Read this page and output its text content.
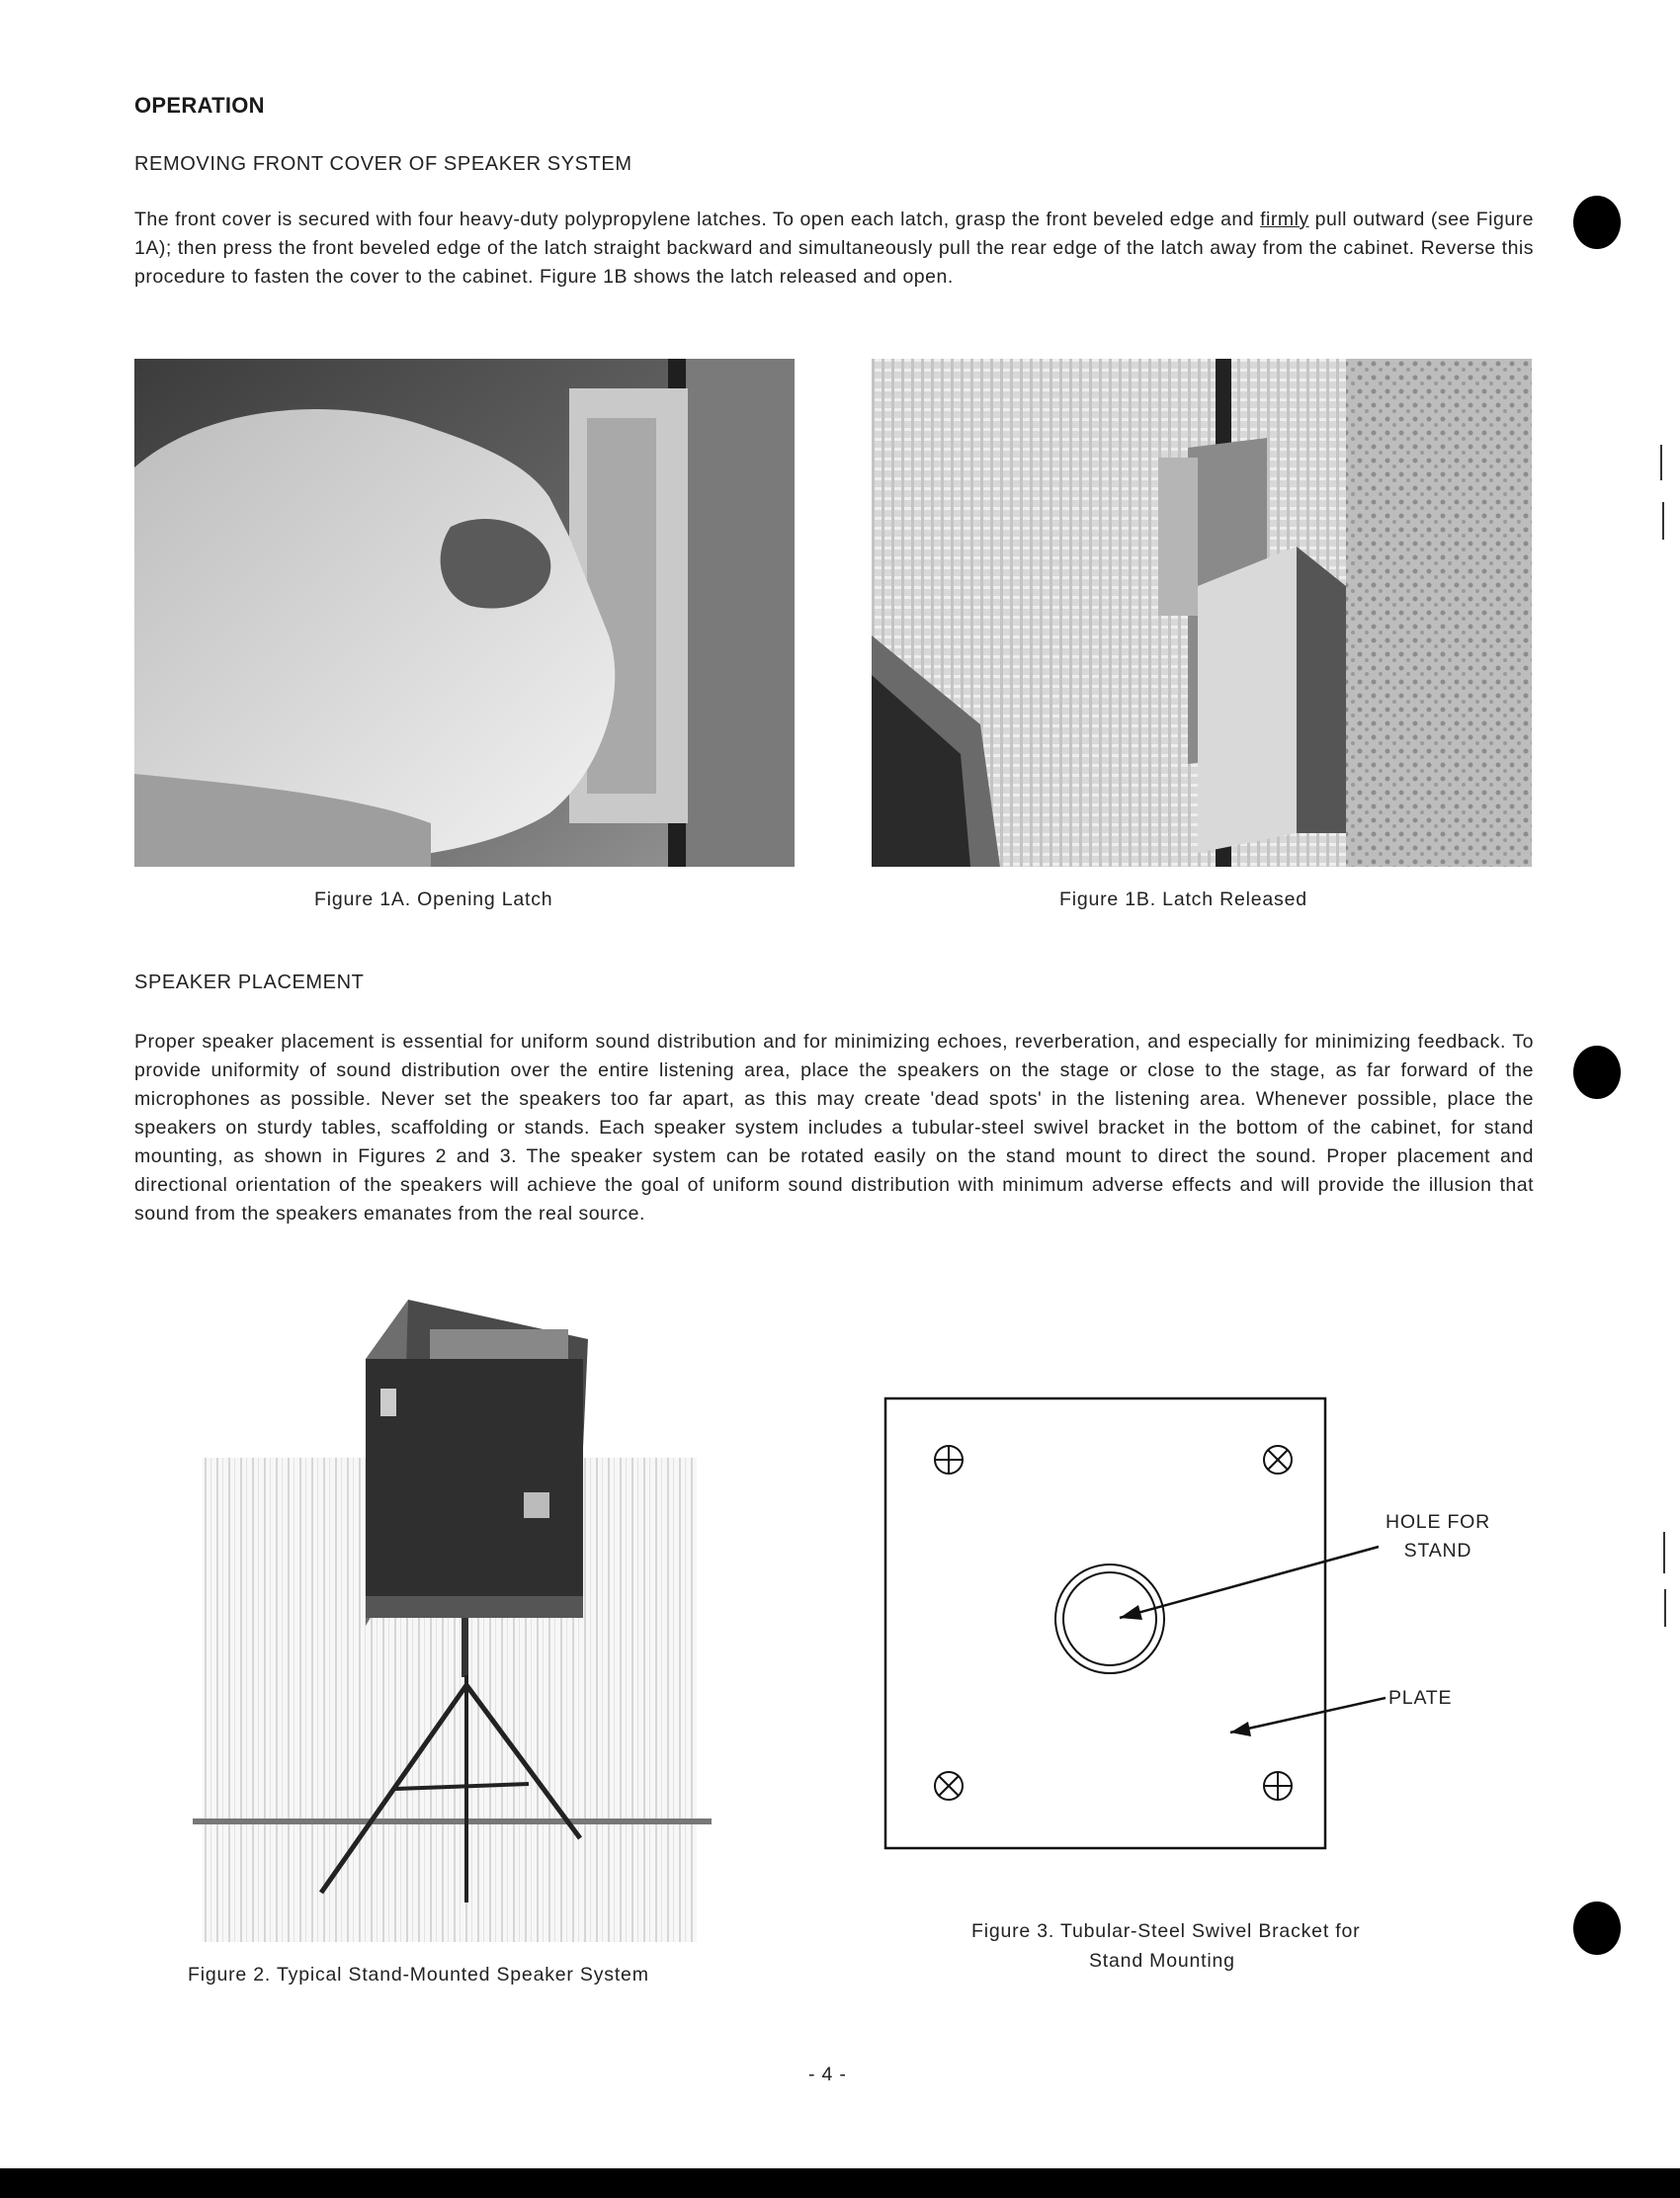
OPERATION
REMOVING FRONT COVER OF SPEAKER SYSTEM
The front cover is secured with four heavy-duty polypropylene latches. To open each latch, grasp the front beveled edge and firmly pull outward (see Figure 1A); then press the front beveled edge of the latch straight backward and simultaneously pull the rear edge of the latch away from the cabinet. Reverse this procedure to fasten the cover to the cabinet. Figure 1B shows the latch released and open.
Figure 1A. Opening Latch	Figure 1B. Latch Released
SPEAKER PLACEMENT
Proper speaker placement is essential for uniform sound distribution and for minimizing echoes, reverberation, and especially for minimizing feedback. To provide uniformity of sound distribution over the entire listening area, place the speakers on the stage or close to the stage, as far forward of the microphones as possible. Never set the speakers too far apart, as this may create 'dead spots' in the listening area. Whenever possible, place the speakers on sturdy tables, scaffolding or stands. Each speaker system includes a tubular-steel swivel bracket in the bottom of the cabinet, for stand mounting, as shown in Figures 2 and 3. The speaker system can be rotated easily on the stand mount to direct the sound. Proper placement and directional orientation of the speakers will achieve the goal of uniform sound distribution with minimum adverse effects and will provide the illusion that sound from the speakers emanates from the real source.
Figure 2. Typical Stand-Mounted Speaker System
HOLE FOR
STAND
PLATE
Figure 3. Tubular-Steel Swivel Bracket for
Stand Mounting
- 4 -
